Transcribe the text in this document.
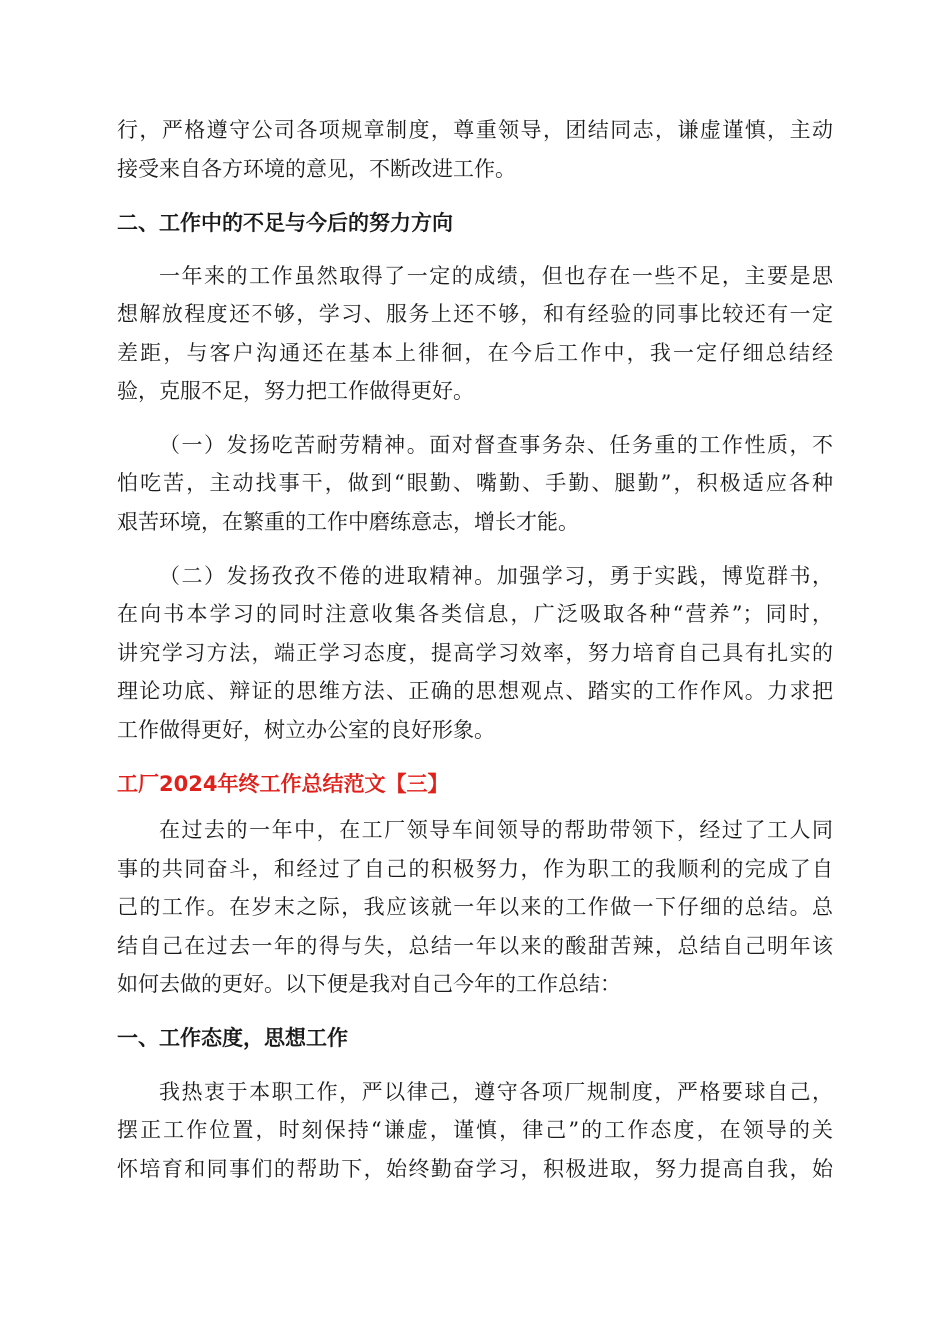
行，严格遵守公司各项规章制度，尊重领导，团结同志，谦虚谨慎，主动
接受来自各方环境的意见，不断改进工作。
二、工作中的不足与今后的努力方向
一年来的工作虽然取得了一定的成绩，但也存在一些不足，主要是思
想解放程度还不够，学习、服务上还不够，和有经验的同事比较还有一定
差距，与客户沟通还在基本上徘徊，在今后工作中，我一定仔细总结经
验，克服不足，努力把工作做得更好。
（一）发扬吃苦耐劳精神。面对督查事务杂、任务重的工作性质，不
怕吃苦，主动找事干，做到“眼勤、嘴勤、手勤、腿勤”，积极适应各种
艰苦环境，在繁重的工作中磨练意志，增长才能。
（二）发扬孜孜不倦的进取精神。加强学习，勇于实践，博览群书，
在向书本学习的同时注意收集各类信息，广泛吸取各种“营养”；同时，
讲究学习方法，端正学习态度，提高学习效率，努力培育自己具有扎实的
理论功底、辩证的思维方法、正确的思想观点、踏实的工作作风。力求把
工作做得更好，树立办公室的良好形象。
工厂2024年终工作总结范文【三】
在过去的一年中，在工厂领导车间领导的帮助带领下，经过了工人同
事的共同奋斗，和经过了自己的积极努力，作为职工的我顺利的完成了自
己的工作。在岁末之际，我应该就一年以来的工作做一下仔细的总结。总
结自己在过去一年的得与失，总结一年以来的酸甜苦辣，总结自己明年该
如何去做的更好。以下便是我对自己今年的工作总结：
一、工作态度，思想工作
我热衷于本职工作，严以律己，遵守各项厂规制度，严格要球自己，
摆正工作位置，时刻保持“谦虚，谨慎，律己”的工作态度，在领导的关
怀培育和同事们的帮助下，始终勤奋学习，积极进取，努力提高自我，始
